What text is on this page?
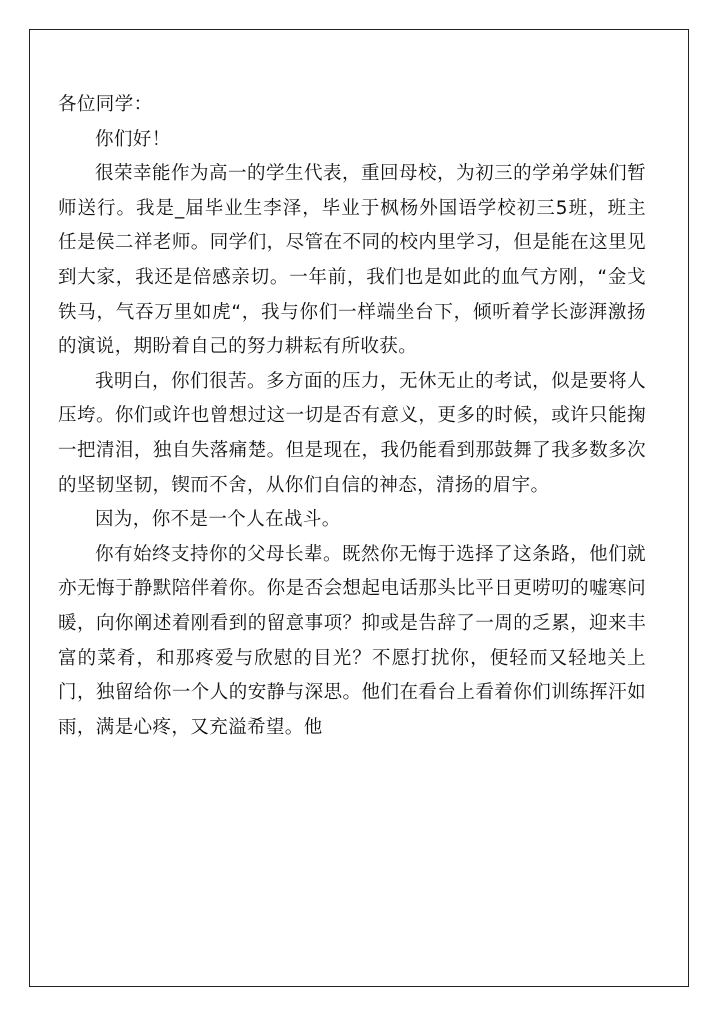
各位同学：

你们好！

很荣幸能作为高一的学生代表，重回母校，为初三的学弟学妹们暂师送行。我是_届毕业生李泽，毕业于枫杨外国语学校初三5班，班主任是侯二祥老师。同学们，尽管在不同的校内里学习，但是能在这里见到大家，我还是倍感亲切。一年前，我们也是如此的血气方刚，“金戈铁马，气吞万里如虎“，我与你们一样端坐台下，倾听着学长澎湃激扬的演说，期盼着自己的努力耕耘有所收获。

我明白，你们很苦。多方面的压力，无休无止的考试，似是要将人压垮。你们或许也曾想过这一切是否有意义，更多的时候，或许只能掬一把清泪，独自失落痛楚。但是现在，我仍能看到那鼓舞了我多数多次的坚韧坚韧，锲而不舍，从你们自信的神态，清扬的眉宇。

因为，你不是一个人在战斗。

你有始终支持你的父母长辈。既然你无悔于选择了这条路，他们就亦无悔于静默陪伴着你。你是否会想起电话那头比平日更唠叨的嘘寒问暖，向你阐述着刚看到的留意事项？抑或是告辞了一周的乏累，迎来丰富的菜肴，和那疼爱与欣慰的目光？不愿打扰你，便轻而又轻地关上门，独留给你一个人的安静与深思。他们在看台上看着你们训练挥汗如雨，满是心疼，又充溢希望。他
